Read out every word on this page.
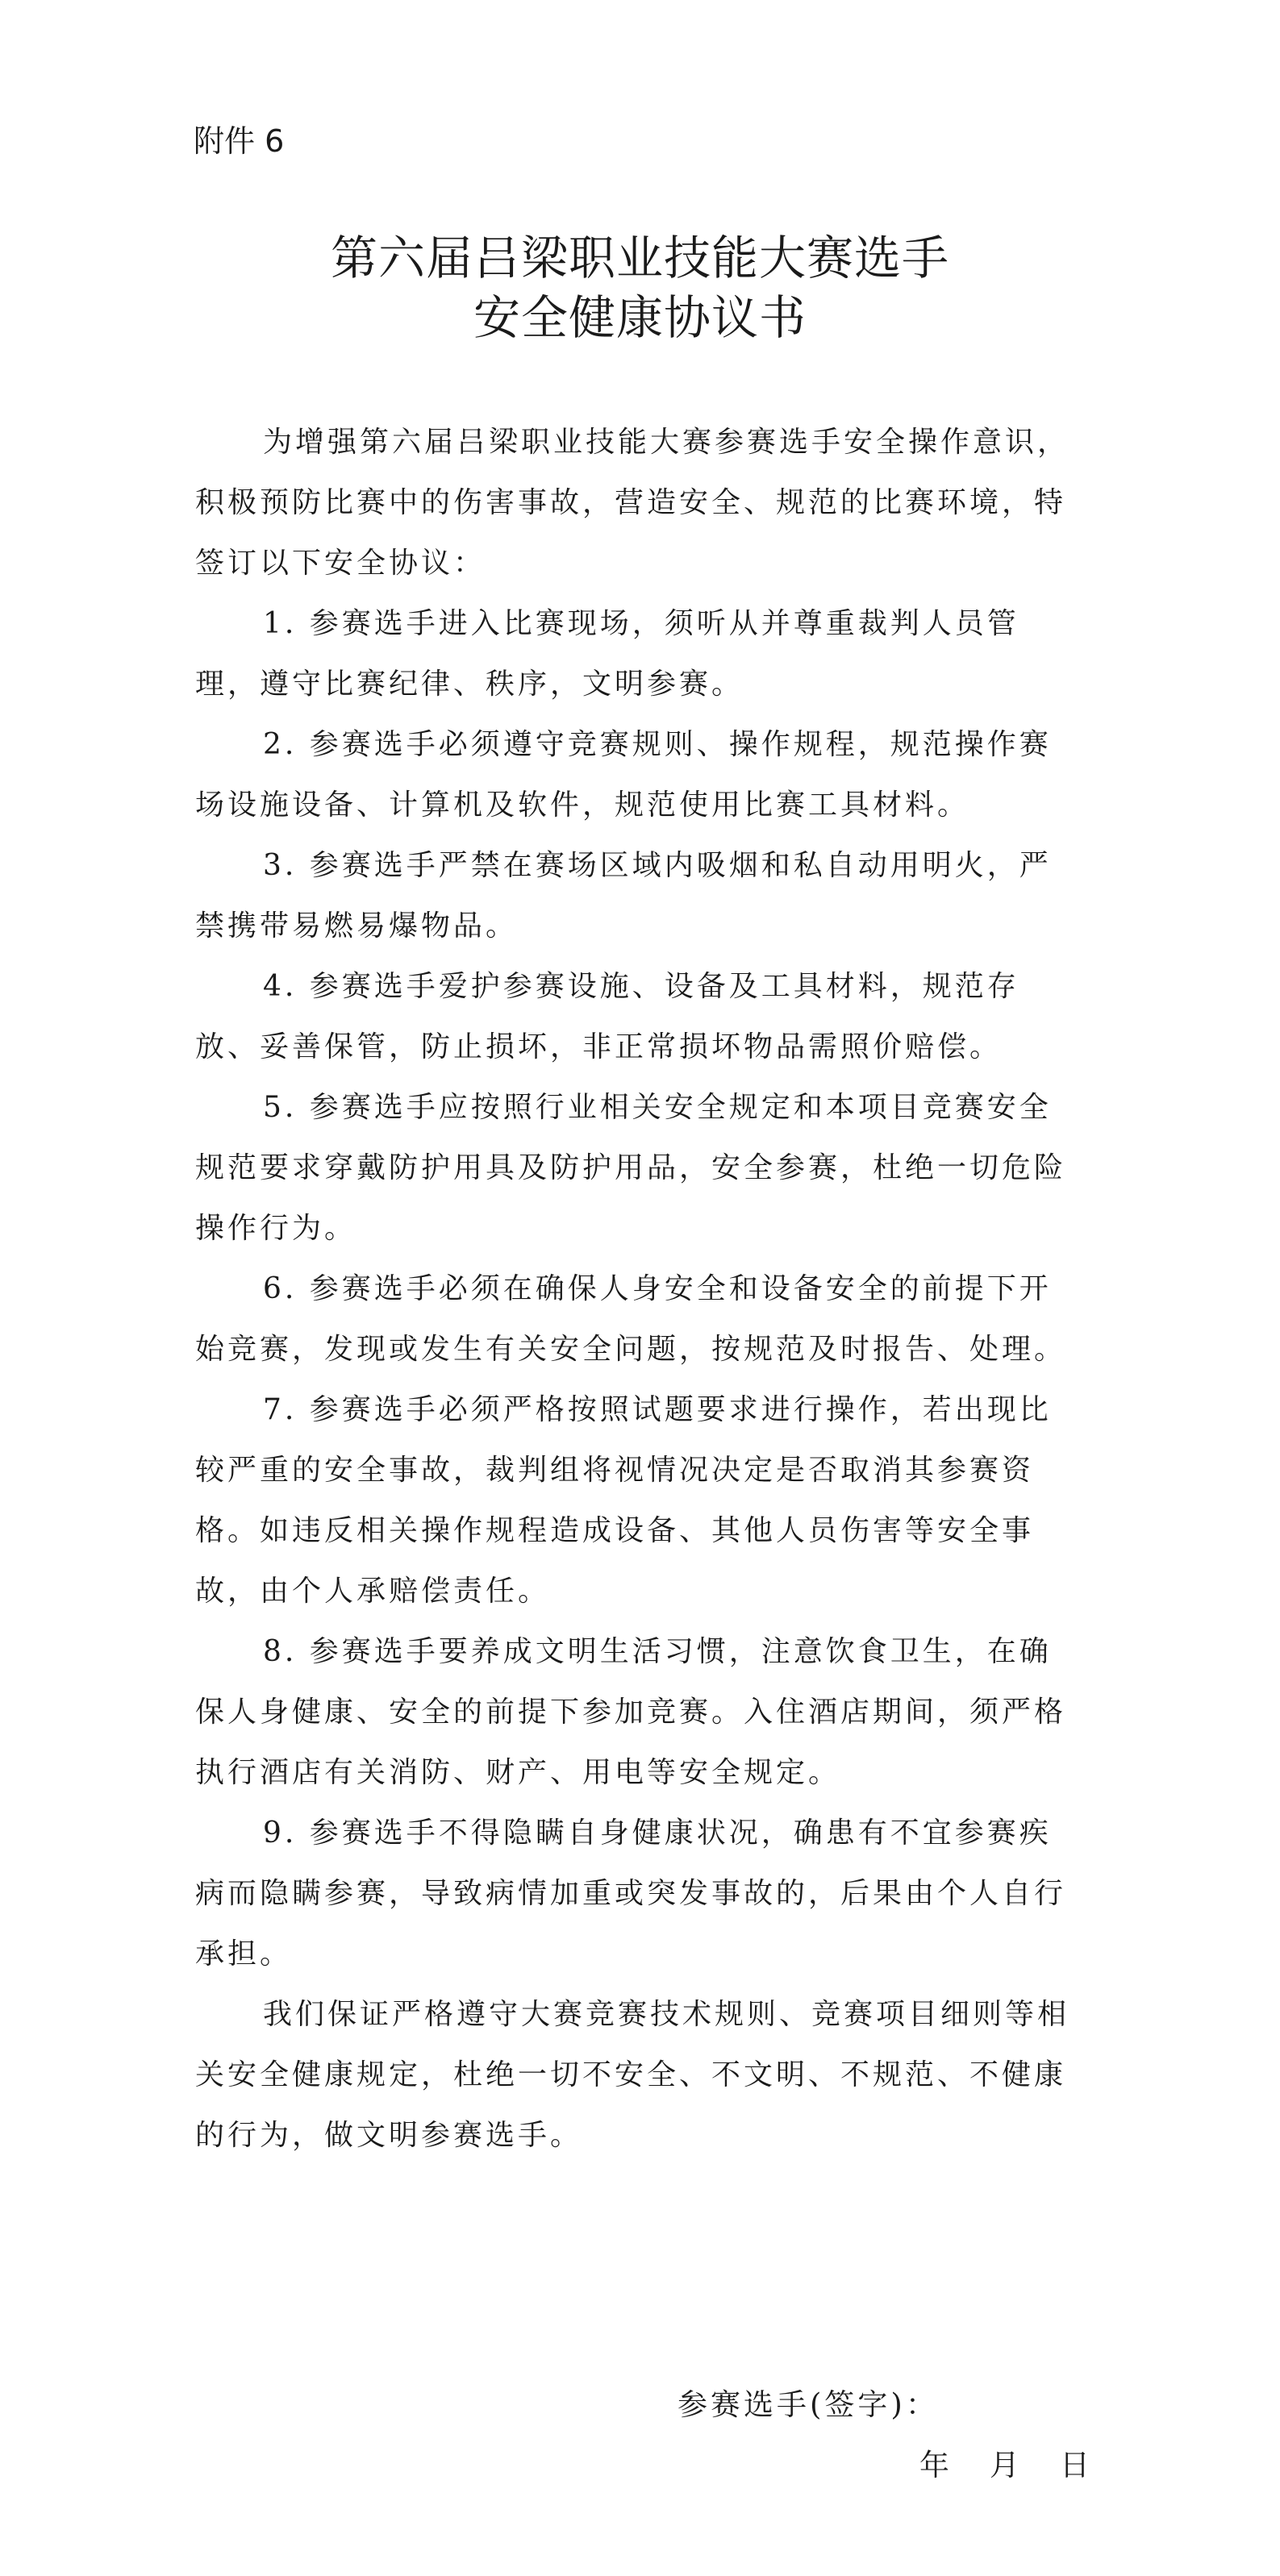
附件 6
第六届吕梁职业技能大赛选手
安全健康协议书

为增强第六届吕梁职业技能大赛参赛选手安全操作意识，积极预防比赛中的伤害事故，营造安全、规范的比赛环境，特签订以下安全协议：

1. 参赛选手进入比赛现场，须听从并尊重裁判人员管理，遵守比赛纪律、秩序，文明参赛。

2. 参赛选手必须遵守竞赛规则、操作规程，规范操作赛场设施设备、计算机及软件，规范使用比赛工具材料。

3. 参赛选手严禁在赛场区域内吸烟和私自动用明火，严禁携带易燃易爆物品。

4. 参赛选手爱护参赛设施、设备及工具材料，规范存放、妥善保管，防止损坏，非正常损坏物品需照价赔偿。

5. 参赛选手应按照行业相关安全规定和本项目竞赛安全规范要求穿戴防护用具及防护用品，安全参赛，杜绝一切危险操作行为。

6. 参赛选手必须在确保人身安全和设备安全的前提下开始竞赛，发现或发生有关安全问题，按规范及时报告、处理。

7. 参赛选手必须严格按照试题要求进行操作，若出现比较严重的安全事故，裁判组将视情况决定是否取消其参赛资格。如违反相关操作规程造成设备、其他人员伤害等安全事故，由个人承赔偿责任。

8. 参赛选手要养成文明生活习惯，注意饮食卫生，在确保人身健康、安全的前提下参加竞赛。入住酒店期间，须严格执行酒店有关消防、财产、用电等安全规定。

9. 参赛选手不得隐瞒自身健康状况，确患有不宜参赛疾病而隐瞒参赛，导致病情加重或突发事故的，后果由个人自行承担。

我们保证严格遵守大赛竞赛技术规则、竞赛项目细则等相关安全健康规定，杜绝一切不安全、不文明、不规范、不健康的行为，做文明参赛选手。

参赛选手(签字)：
年 月 日
